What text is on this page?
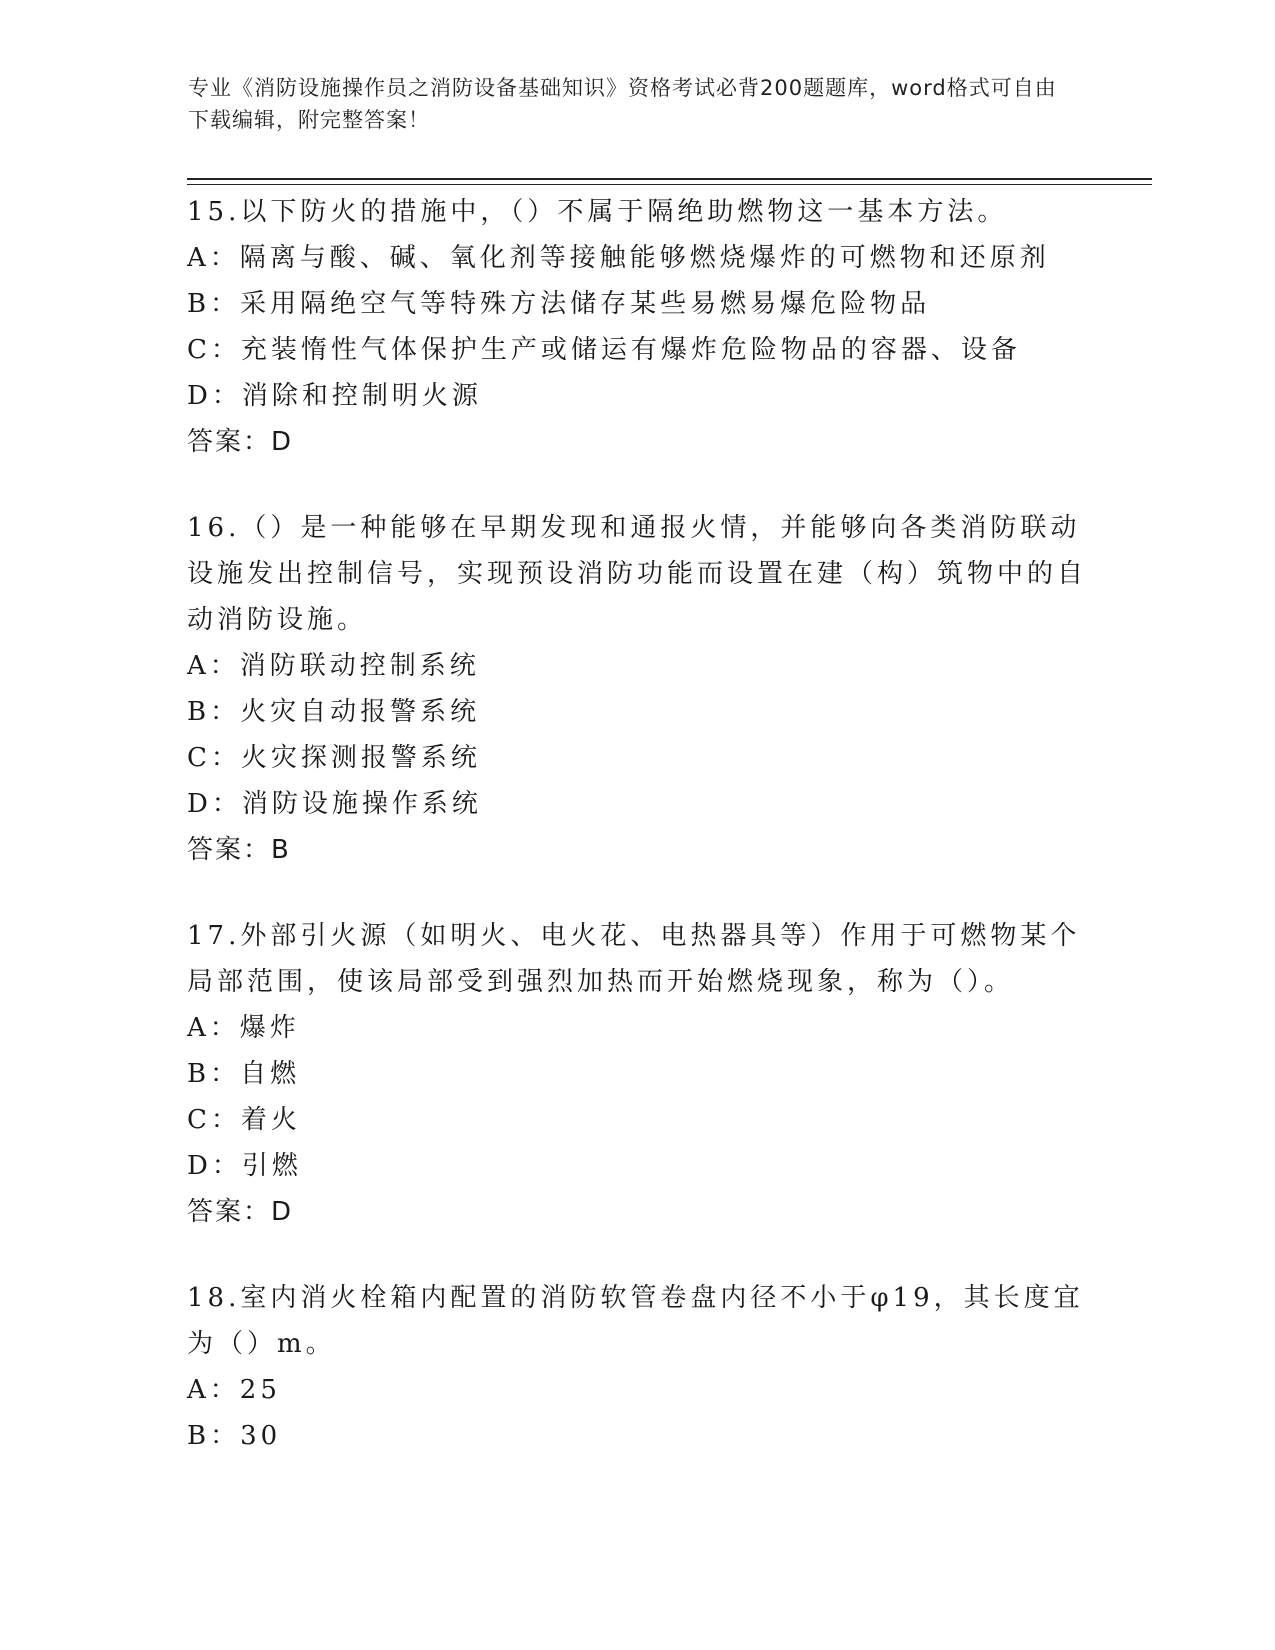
专业《消防设施操作员之消防设备基础知识》资格考试必背200题题库，word格式可自由下载编辑，附完整答案！
15.以下防火的措施中，（）不属于隔绝助燃物这一基本方法。
A：隔离与酸、碱、氧化剂等接触能够燃烧爆炸的可燃物和还原剂
B：采用隔绝空气等特殊方法储存某些易燃易爆危险物品
C：充装惰性气体保护生产或储运有爆炸危险物品的容器、设备
D：消除和控制明火源
答案：D
16.（）是一种能够在早期发现和通报火情，并能够向各类消防联动设施发出控制信号，实现预设消防功能而设置在建（构）筑物中的自动消防设施。
A：消防联动控制系统
B：火灾自动报警系统
C：火灾探测报警系统
D：消防设施操作系统
答案：B
17.外部引火源（如明火、电火花、电热器具等）作用于可燃物某个局部范围，使该局部受到强烈加热而开始燃烧现象，称为（）。
A：爆炸
B：自燃
C：着火
D：引燃
答案：D
18.室内消火栓箱内配置的消防软管卷盘内径不小于φ19，其长度宜为（）m。
A：25
B：30
